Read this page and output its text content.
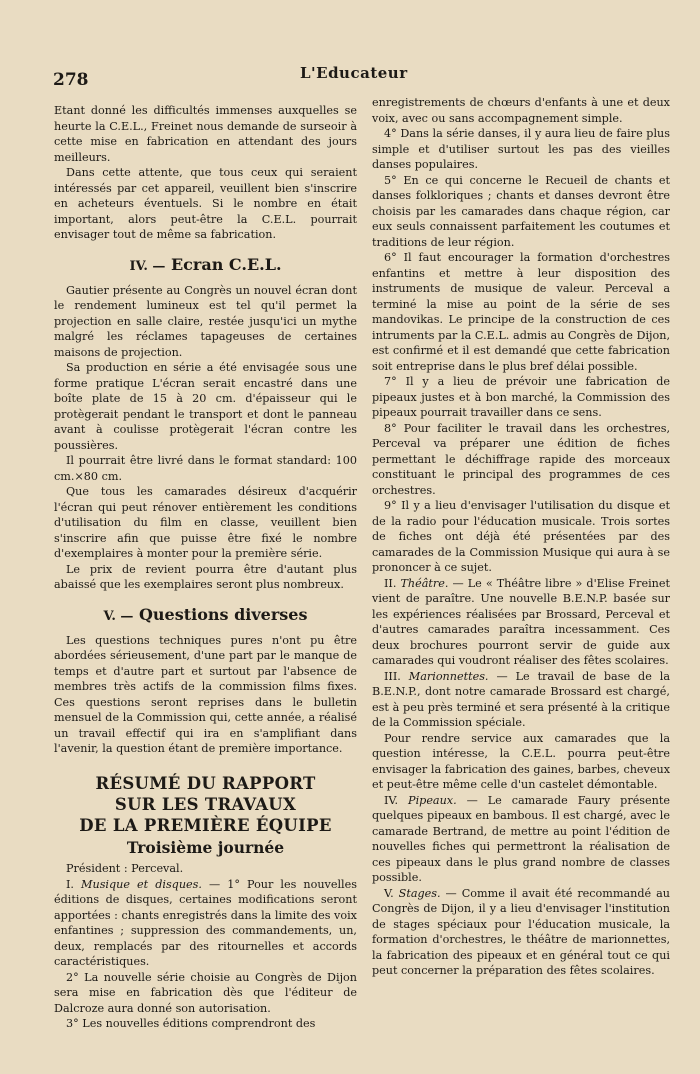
278	L'Educateur

Etant donné les difficultés immenses auxquelles se heurte la C.E.L., Freinet nous demande de surseoir à cette mise en fabrication en attendant des jours meilleurs.

Dans cette attente, que tous ceux qui seraient intéressés par cet appareil, veuillent bien s'inscrire en acheteurs éventuels. Si le nombre en était important, alors peut-être la C.E.L. pourrait envisager tout de même sa fabrication.

IV. — Ecran C.E.L.

Gautier présente au Congrès un nouvel écran dont le rendement lumineux est tel qu'il permet la projection en salle claire, restée jusqu'ici un mythe malgré les réclames tapageuses de certaines maisons de projection.

Sa production en série a été envisagée sous une forme pratique L'écran serait encastré dans une boîte plate de 15 à 20 cm. d'épaisseur qui le protègerait pendant le transport et dont le panneau avant à coulisse protègerait l'écran contre les poussières.

Il pourrait être livré dans le format standard: 100 cm.×80 cm.

Que tous les camarades désireux d'acquérir l'écran qui peut rénover entièrement les conditions d'utilisation du film en classe, veuillent bien s'inscrire afin que puisse être fixé le nombre d'exemplaires à monter pour la première série.

Le prix de revient pourra être d'autant plus abaissé que les exemplaires seront plus nombreux.

V. — Questions diverses

Les questions techniques pures n'ont pu être abordées sérieusement, d'une part par le manque de temps et d'autre part et surtout par l'absence de membres très actifs de la commission films fixes. Ces questions seront reprises dans le bulletin mensuel de la Commission qui, cette année, a réalisé un travail effectif qui ira en s'amplifiant dans l'avenir, la question étant de première importance.

RÉSUMÉ DU RAPPORT
SUR LES TRAVAUX
DE LA PREMIÈRE ÉQUIPE
Troisième journée

Président : Perceval.

I. Musique et disques. — 1° Pour les nouvelles éditions de disques, certaines modifications seront apportées : chants enregistrés dans la limite des voix enfantines ; suppression des commandements, un, deux, remplacés par des ritournelles et accords caractéristiques.

2° La nouvelle série choisie au Congrès de Dijon sera mise en fabrication dès que l'éditeur de Dalcroze aura donné son autorisation.

3° Les nouvelles éditions comprendront des

enregistrements de chœurs d'enfants à une et deux voix, avec ou sans accompagnement simple.

4° Dans la série danses, il y aura lieu de faire plus simple et d'utiliser surtout les pas des vieilles danses populaires.

5° En ce qui concerne le Recueil de chants et danses folkloriques ; chants et danses devront être choisis par les camarades dans chaque région, car eux seuls connaissent parfaitement les coutumes et traditions de leur région.

6° Il faut encourager la formation d'orchestres enfantins et mettre à leur disposition des instruments de musique de valeur. Perceval a terminé la mise au point de la série de ses mandovikas. Le principe de la construction de ces intruments par la C.E.L. admis au Congrès de Dijon, est confirmé et il est demandé que cette fabrication soit entreprise dans le plus bref délai possible.

7° Il y a lieu de prévoir une fabrication de pipeaux justes et à bon marché, la Commission des pipeaux pourrait travailler dans ce sens.

8° Pour faciliter le travail dans les orchestres, Perceval va préparer une édition de fiches permettant le déchiffrage rapide des morceaux constituant le principal des programmes de ces orchestres.

9° Il y a lieu d'envisager l'utilisation du disque et de la radio pour l'éducation musicale. Trois sortes de fiches ont déjà été présentées par des camarades de la Commission Musique qui aura à se prononcer à ce sujet.

II. Théâtre. — Le « Théâtre libre » d'Elise Freinet vient de paraître. Une nouvelle B.E.N.P. basée sur les expériences réalisées par Brossard, Perceval et d'autres camarades paraîtra incessamment. Ces deux brochures pourront servir de guide aux camarades qui voudront réaliser des fêtes scolaires.

III. Marionnettes. — Le travail de base de la B.E.N.P., dont notre camarade Brossard est chargé, est à peu près terminé et sera présenté à la critique de la Commission spéciale.

Pour rendre service aux camarades que la question intéresse, la C.E.L. pourra peut-être envisager la fabrication des gaines, barbes, cheveux et peut-être même celle d'un castelet démontable.

IV. Pipeaux. — Le camarade Faury présente quelques pipeaux en bambous. Il est chargé, avec le camarade Bertrand, de mettre au point l'édition de nouvelles fiches qui permettront la réalisation de ces pipeaux dans le plus grand nombre de classes possible.

V. Stages. — Comme il avait été recommandé au Congrès de Dijon, il y a lieu d'envisager l'institution de stages spéciaux pour l'éducation musicale, la formation d'orchestres, le théâtre de marionnettes, la fabrication des pipeaux et en général tout ce qui peut concerner la préparation des fêtes scolaires.
